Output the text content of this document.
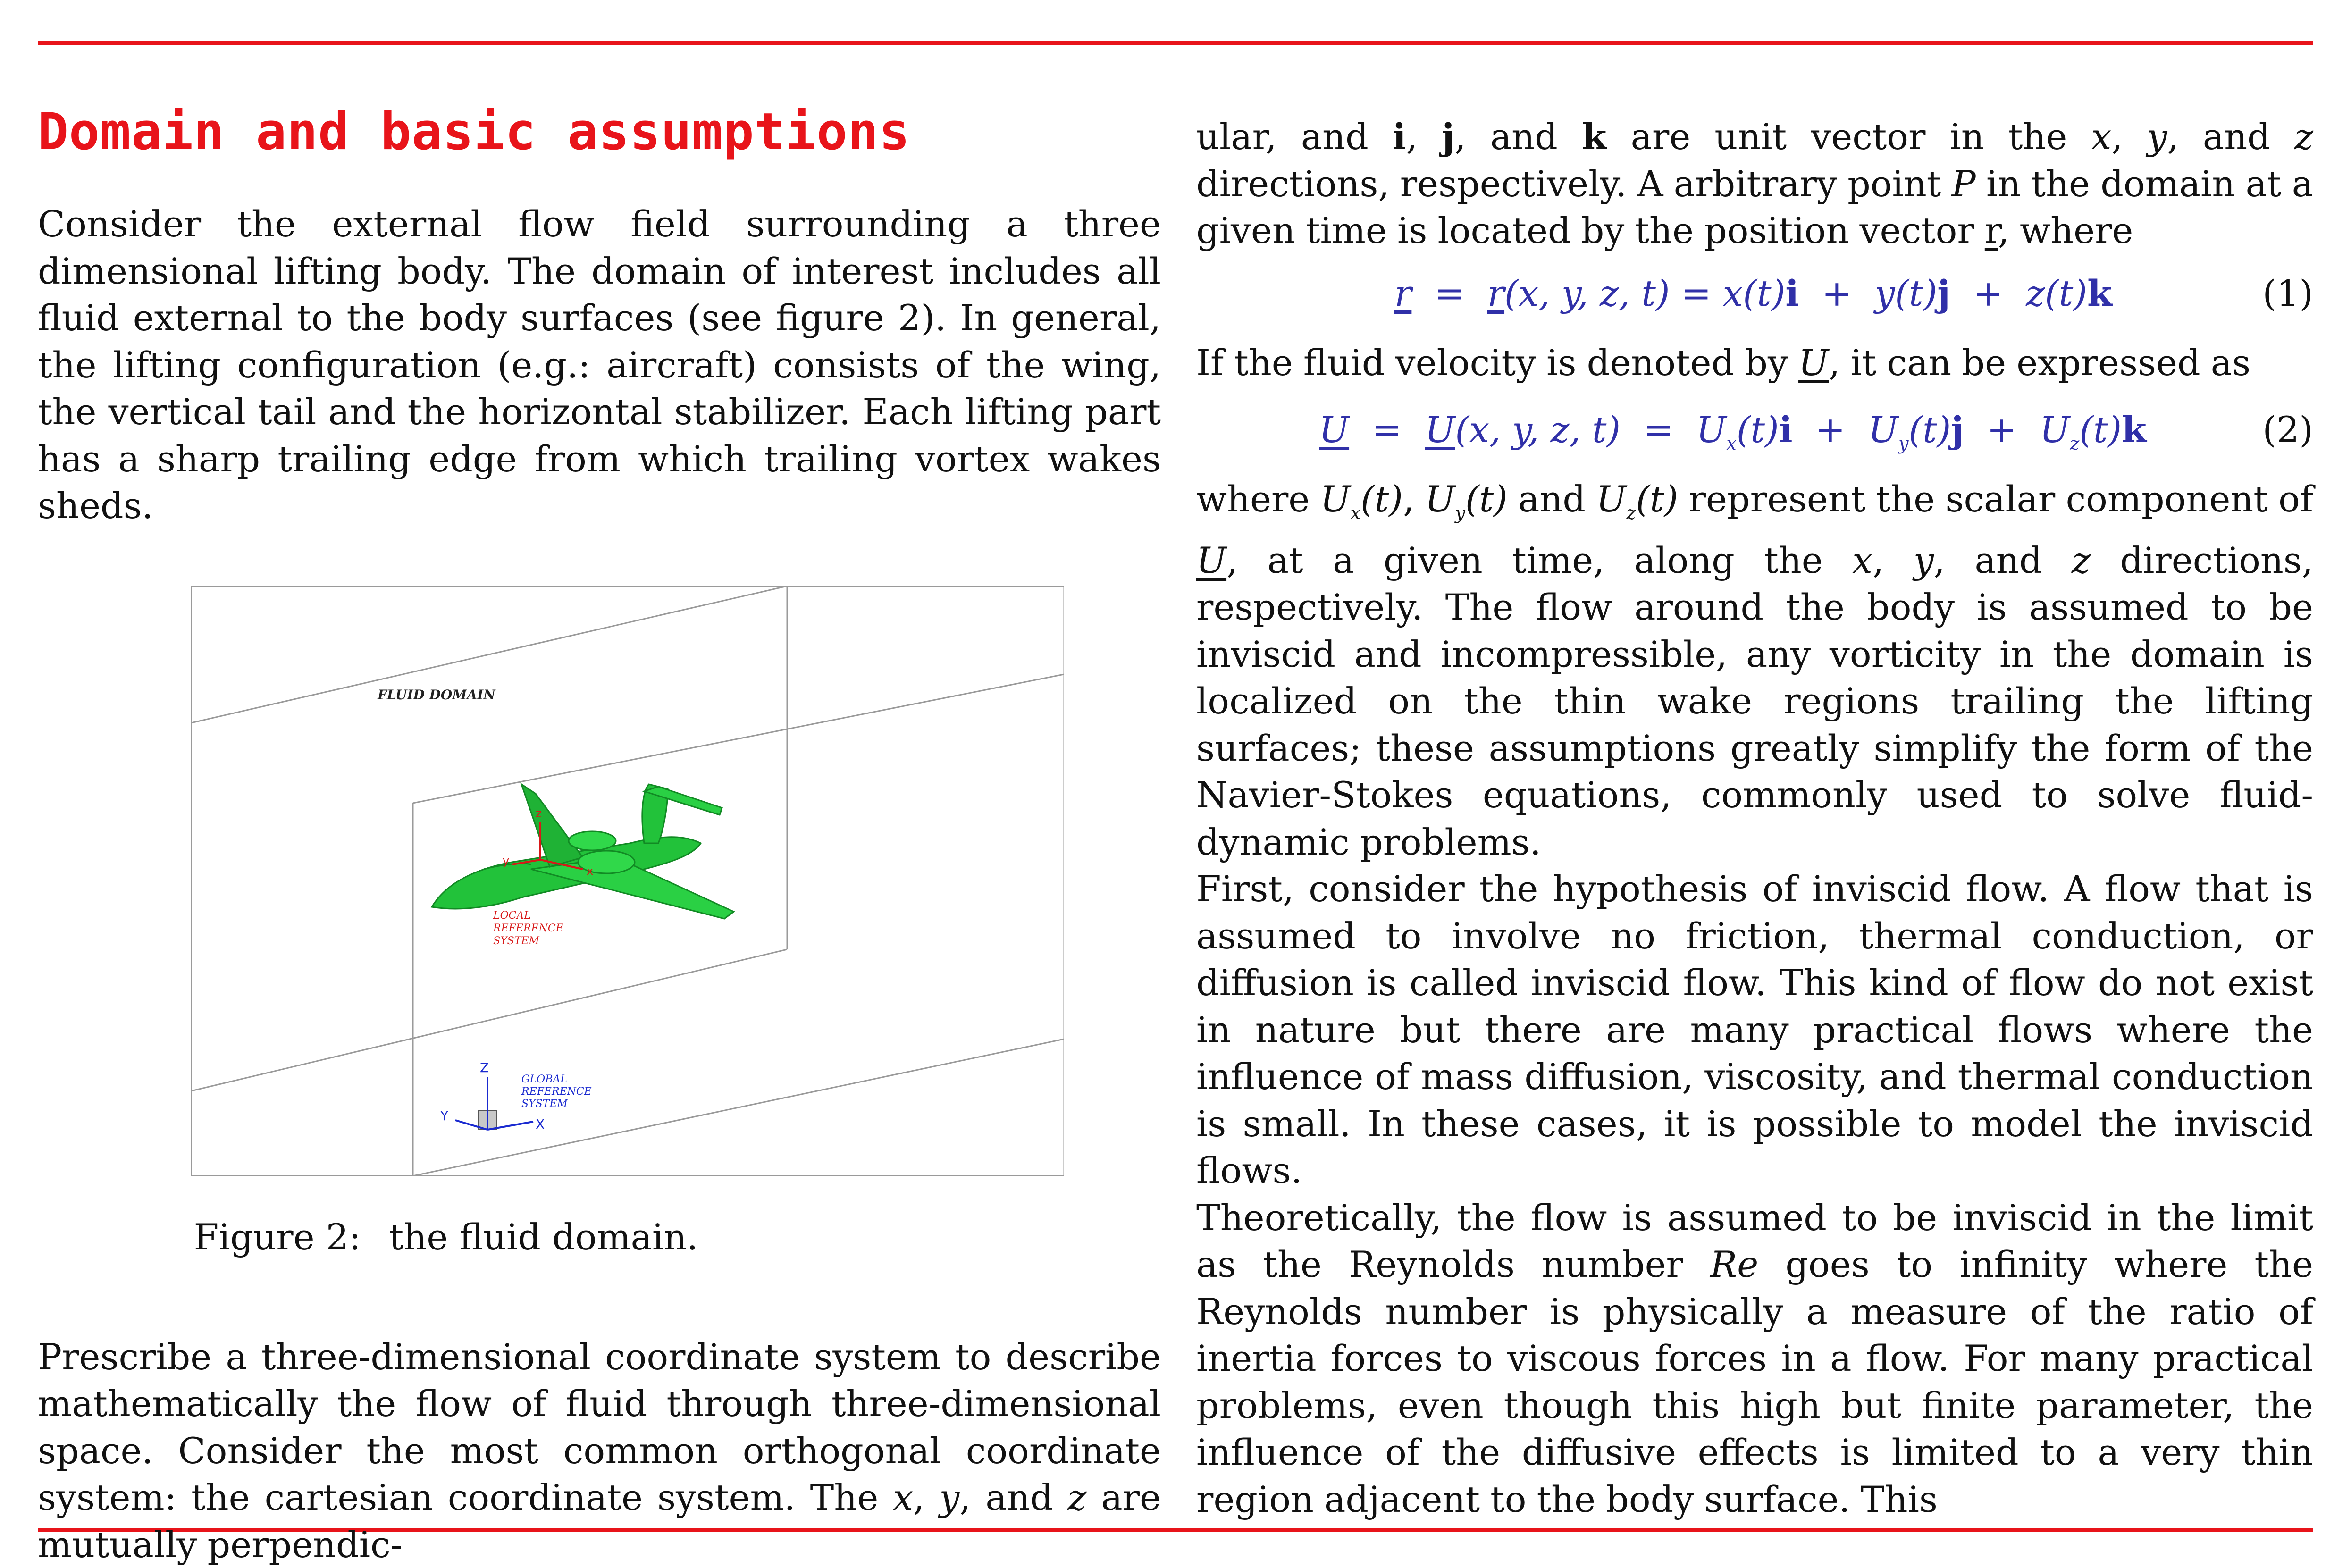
Domain and basic assumptions

Consider the external flow field surrounding a three dimensional lifting body. The domain of interest includes all fluid external to the body surfaces (see figure 2). In general, the lifting configuration (e.g.: aircraft) consists of the wing, the vertical tail and the horizontal stabilizer. Each lifting part has a sharp trailing edge from which trailing vortex wakes sheds.

FLUID DOMAIN
z
x
y
LOCAL
REFERENCE
SYSTEM
Z
X
Y
GLOBAL
REFERENCE
SYSTEM
Figure 2: the fluid domain.

Prescribe a three-dimensional coordinate system to describe mathematically the flow of fluid through three-dimensional space. Consider the most common orthogonal coordinate system: the cartesian coordinate system. The x, y, and z are mutually perpendic-

ular, and i, j, and k are unit vector in the x, y, and z directions, respectively. A arbitrary point P in the domain at a given time is located by the position vector r, where

r = r(x, y, z, t) = x(t)i + y(t)j + z(t)k	(1)

If the fluid velocity is denoted by U, it can be expressed as

U = U(x, y, z, $t) = U_x(t)i + U_y(t)j + U_z(t)k$	(2)

where $U_x(t)$, $U_y(t)$ and $U_z(t)$ represent the scalar component of U, at a given time, along the x, y, and z directions, respectively. The flow around the body is assumed to be inviscid and incompressible, any vorticity in the domain is localized on the thin wake regions trailing the lifting surfaces; these assumptions greatly simplify the form of the Navier-Stokes equations, commonly used to solve fluid-dynamic problems.

First, consider the hypothesis of inviscid flow. A flow that is assumed to involve no friction, thermal conduction, or diffusion is called inviscid flow. This kind of flow do not exist in nature but there are many practical flows where the influence of mass diffusion, viscosity, and thermal conduction is small. In these cases, it is possible to model the inviscid flows.

Theoretically, the flow is assumed to be inviscid in the limit as the Reynolds number Re goes to infinity where the Reynolds number is physically a measure of the ratio of inertia forces to viscous forces in a flow. For many practical problems, even though this high but finite parameter, the influence of the diffusive effects is limited to a very thin region adjacent to the body surface. This
